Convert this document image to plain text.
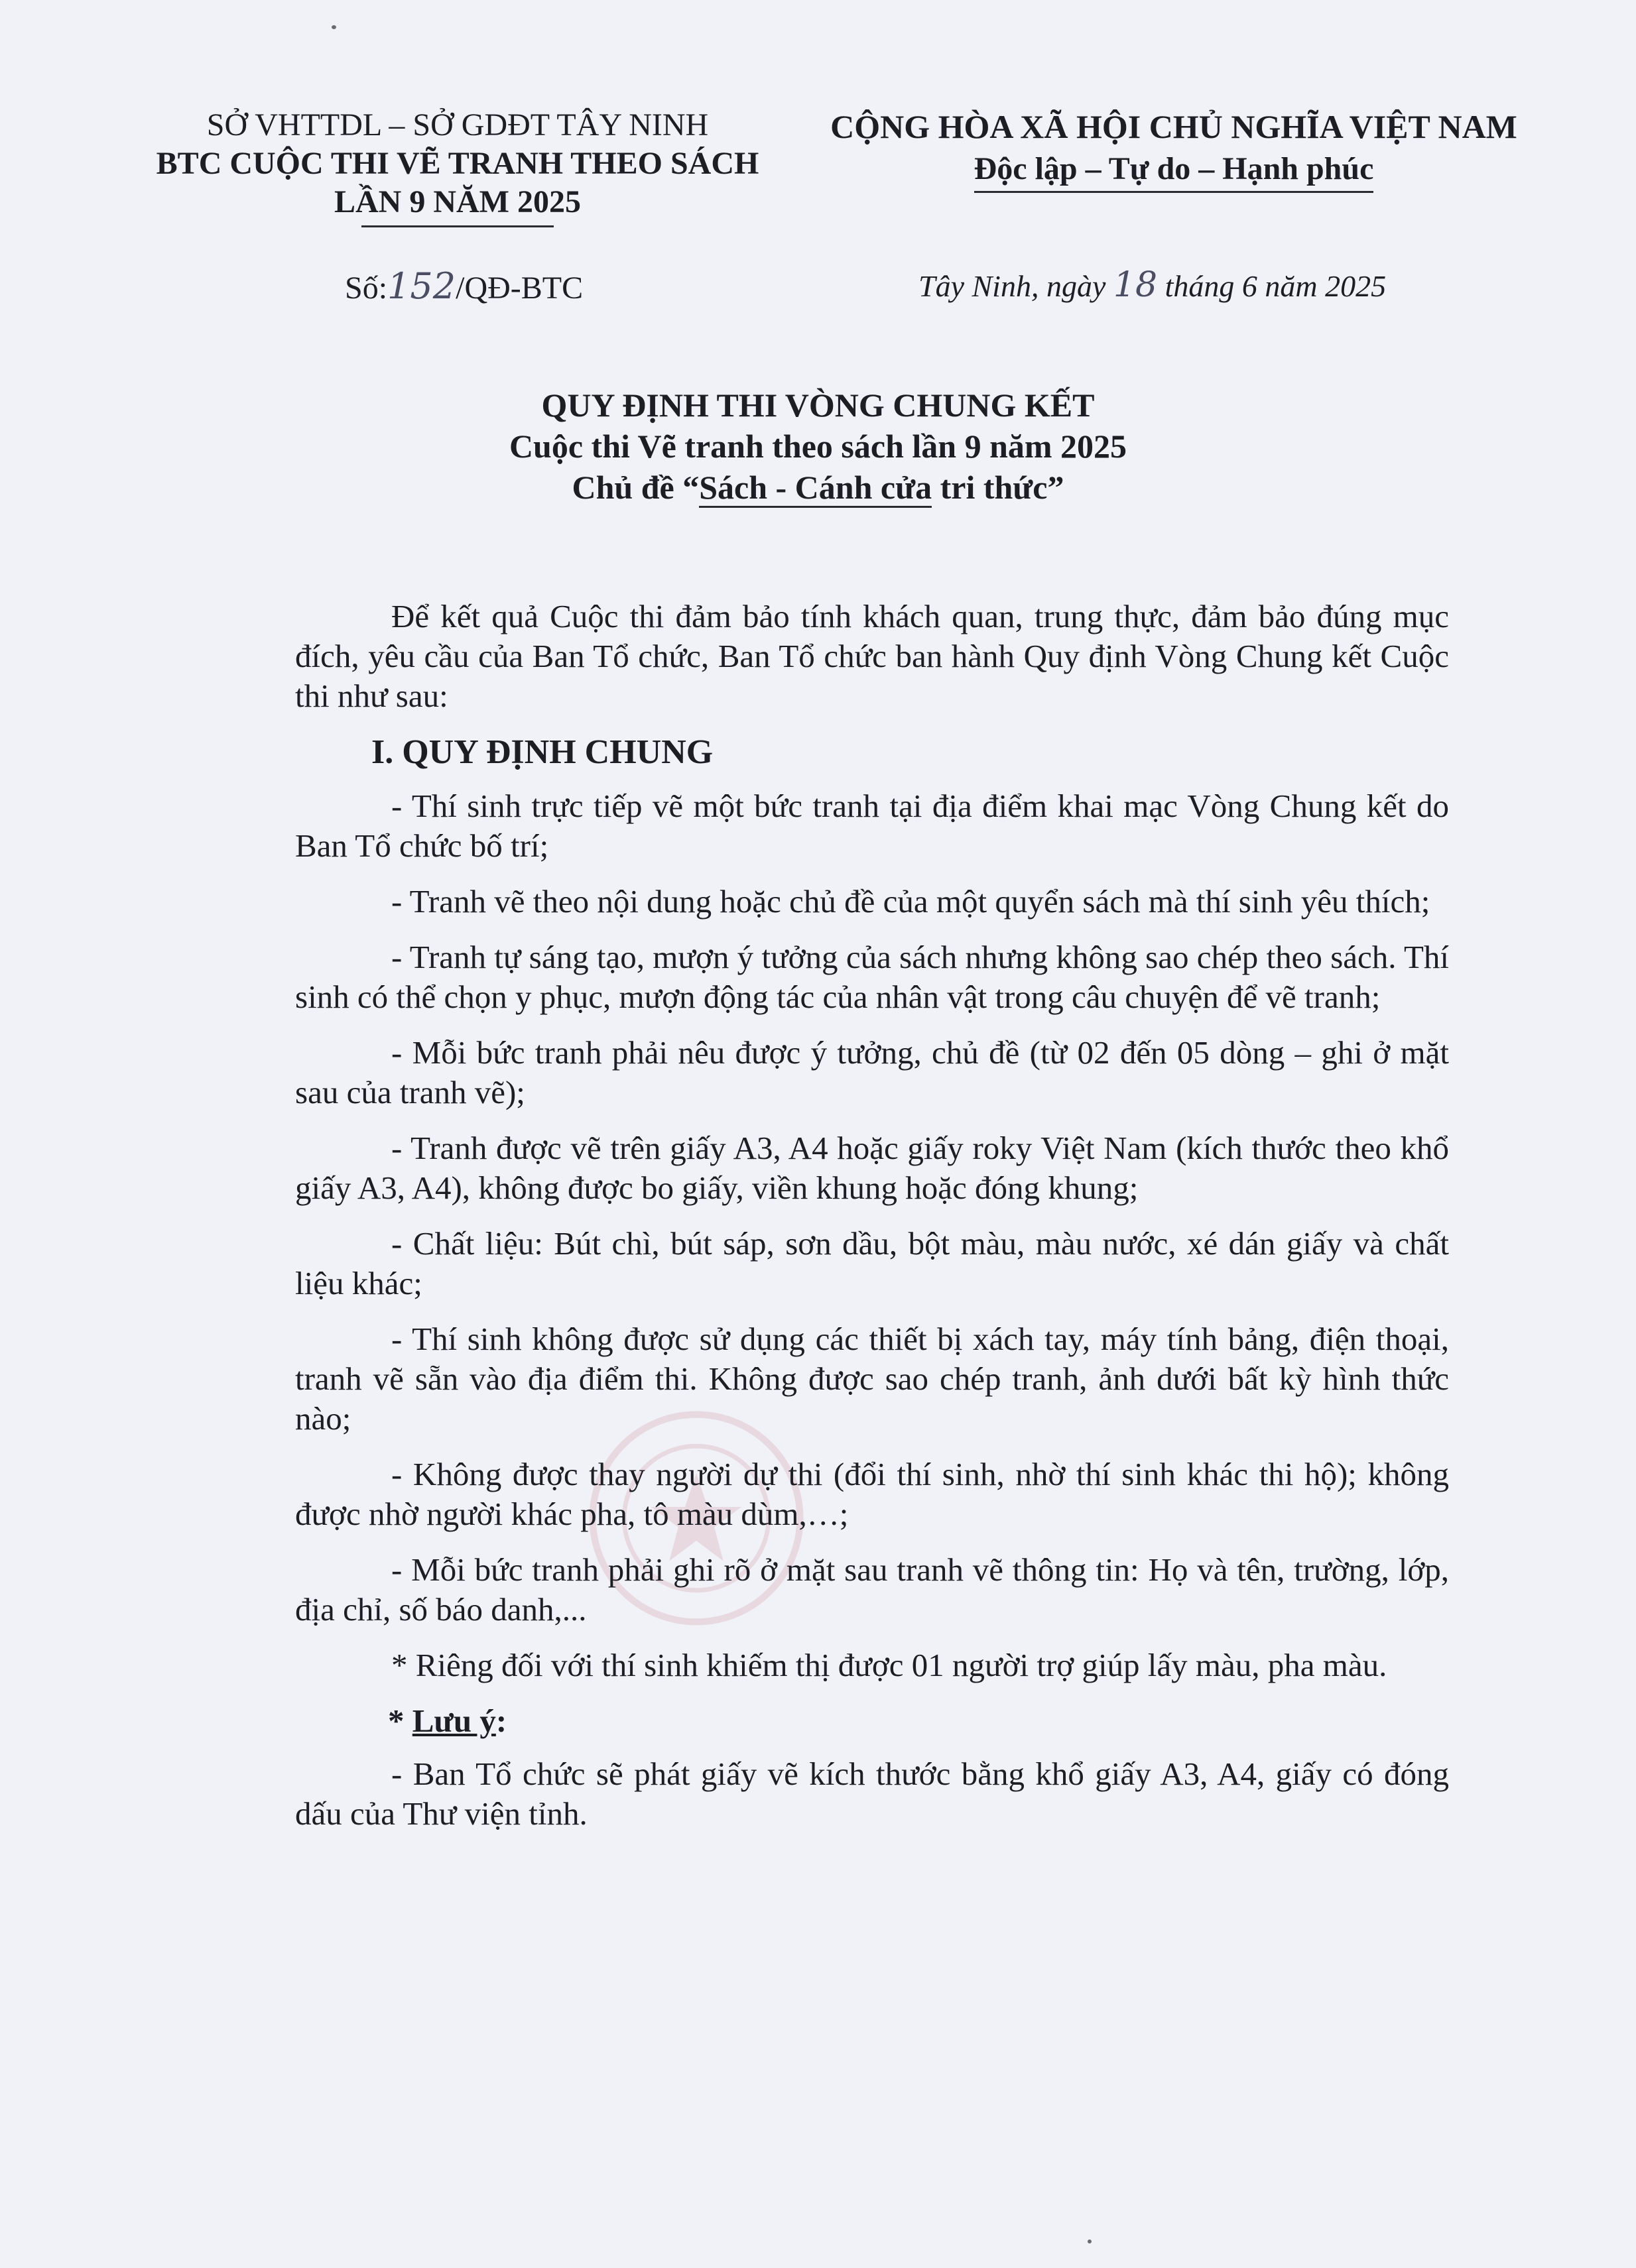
SỞ VHTTDL – SỞ GDĐT TÂY NINH
BTC CUỘC THI VẼ TRANH THEO SÁCH
LẦN 9 NĂM 2025
CỘNG HÒA XÃ HỘI CHỦ NGHĨA VIỆT NAM
Độc lập – Tự do – Hạnh phúc
Số:152/QĐ-BTC	Tây Ninh, ngày 18 tháng 6 năm 2025
QUY ĐỊNH THI VÒNG CHUNG KẾT
Cuộc thi Vẽ tranh theo sách lần 9 năm 2025
Chủ đề “Sách - Cánh cửa tri thức”

Để kết quả Cuộc thi đảm bảo tính khách quan, trung thực, đảm bảo đúng mục đích, yêu cầu của Ban Tổ chức, Ban Tổ chức ban hành Quy định Vòng Chung kết Cuộc thi như sau:

I. QUY ĐỊNH CHUNG

- Thí sinh trực tiếp vẽ một bức tranh tại địa điểm khai mạc Vòng Chung kết do Ban Tổ chức bố trí;

- Tranh vẽ theo nội dung hoặc chủ đề của một quyển sách mà thí sinh yêu thích;

- Tranh tự sáng tạo, mượn ý tưởng của sách nhưng không sao chép theo sách. Thí sinh có thể chọn y phục, mượn động tác của nhân vật trong câu chuyện để vẽ tranh;

- Mỗi bức tranh phải nêu được ý tưởng, chủ đề (từ 02 đến 05 dòng – ghi ở mặt sau của tranh vẽ);

- Tranh được vẽ trên giấy A3, A4 hoặc giấy roky Việt Nam (kích thước theo khổ giấy A3, A4), không được bo giấy, viền khung hoặc đóng khung;

- Chất liệu: Bút chì, bút sáp, sơn dầu, bột màu, màu nước, xé dán giấy và chất liệu khác;

- Thí sinh không được sử dụng các thiết bị xách tay, máy tính bảng, điện thoại, tranh vẽ sẵn vào địa điểm thi. Không được sao chép tranh, ảnh dưới bất kỳ hình thức nào;

- Không được thay người dự thi (đổi thí sinh, nhờ thí sinh khác thi hộ); không được nhờ người khác pha, tô màu dùm,…;

- Mỗi bức tranh phải ghi rõ ở mặt sau tranh vẽ thông tin: Họ và tên, trường, lớp, địa chỉ, số báo danh,...

* Riêng đối với thí sinh khiếm thị được 01 người trợ giúp lấy màu, pha màu.

* Lưu ý:

- Ban Tổ chức sẽ phát giấy vẽ kích thước bằng khổ giấy A3, A4, giấy có đóng dấu của Thư viện tỉnh.
